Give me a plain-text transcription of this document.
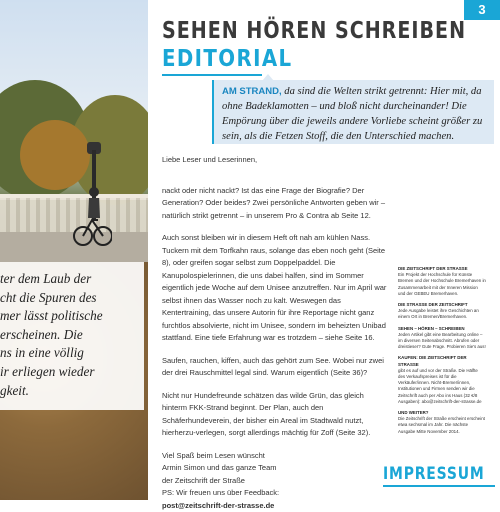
ter dem Laub der

cht die Spuren des

mer lässt politische

erscheinen. Die

ns in eine völlig

ir erliegen wieder

gkeit.

3
SEHEN HÖREN SCHREIBEN
EDITORIAL

AM STRAND, da sind die Welten strikt getrennt: Hier mit, da ohne Badeklamotten – und bloß nicht durcheinander! Die Empörung über die jeweils andere Vorliebe scheint größer zu sein, als die Fetzen Stoff, die den Unterschied machen.

Liebe Leser und Leserinnen,

nackt oder nicht nackt? Ist das eine Frage der Biografie? Der Generation? Oder beides? Zwei persönliche Antworten geben wir – natürlich strikt getrennt – in unserem Pro & Contra ab Seite 12.

Auch sonst bleiben wir in diesem Heft oft nah am kühlen Nass. Tuckern mit dem Torfkahn raus, solange das eben noch geht (Seite 8), oder greifen sogar selbst zum Doppelpaddel. Die Kanupolospielerinnen, die uns dabei halfen, sind im Sommer eigentlich jede Woche auf dem Unisee anzutreffen. Nur im April war selbst ihnen das Wasser noch zu kalt. Weswegen das Kentertraining, das unsere Autorin für ihre Reportage nicht ganz furchtlos absolvierte, nicht im Unisee, sondern im beheizten Unibad stattfand. Eine tiefe Erfahrung war es trotzdem – siehe Seite 16.

Saufen, rauchen, kiffen, auch das gehört zum See. Wobei nur zwei der drei Rauschmittel legal sind. Warum eigentlich (Seite 36)?

Nicht nur Hundefreunde schätzen das wilde Grün, das gleich hinterm FKK-Strand beginnt. Der Plan, auch den Schäferhundeverein, der bisher ein Areal im Stadtwald nutzt, hierherzu-verlegen, sorgt allerdings mächtig für Zoff (Seite 32).

Viel Spaß beim Lesen wünscht
Armin Simon und das ganze Team
der Zeitschrift der Straße
PS: Wir freuen uns über Feedback:
post@zeitschrift-der-strasse.de

DIE ZEITSCHRIFT DER STRASSE
Ein Projekt der Hochschule für Künste Bremen und der Hochschule Bremerhaven in Zusammenarbeit mit der Inneren Mission und der GEBEU Bremerhaven.
DIE STRASSE DER ZEITSCHRIFT
Jede Ausgabe leistet ihre Geschichten an einem Ort in Bremen/Bremerhaven.
SEHEN – HÖREN – SCHREIBEN
Jeden Artikel gibt eine Bearbeitung online – im diversen Seitenabschnitt. Abrufen oder dreistieser? Gute Frage. Probieren Sie's aus!
KAUFEN: DIE ZEITSCHRIFT DER STRASSE
gibt es auf und vor der Straße. Die Hälfte des Verkaufspreises ist für die Verkäufer/innen. Nicht-Bremer/innen, Institutionen und Firmen senden wir die Zeitschrift auch per Abo ins Haus (32 €/8 Ausgaben): abo@zeitschrift-der-strasse.de
UND WEITER?
Die Zeitschrift der Straße erscheint erscheint etwa sechsmal im Jahr. Die nächste Ausgabe Mitte November 2014.
IMPRESSUM
